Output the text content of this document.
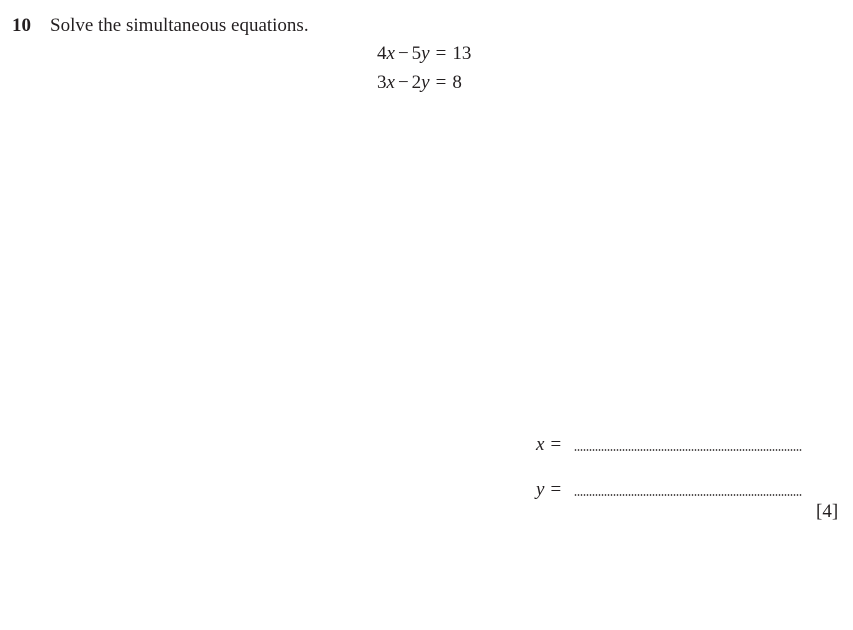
10 Solve the simultaneous equations.
4x − 5y = 13
3x − 2y = 8
x =
y =
[4]
